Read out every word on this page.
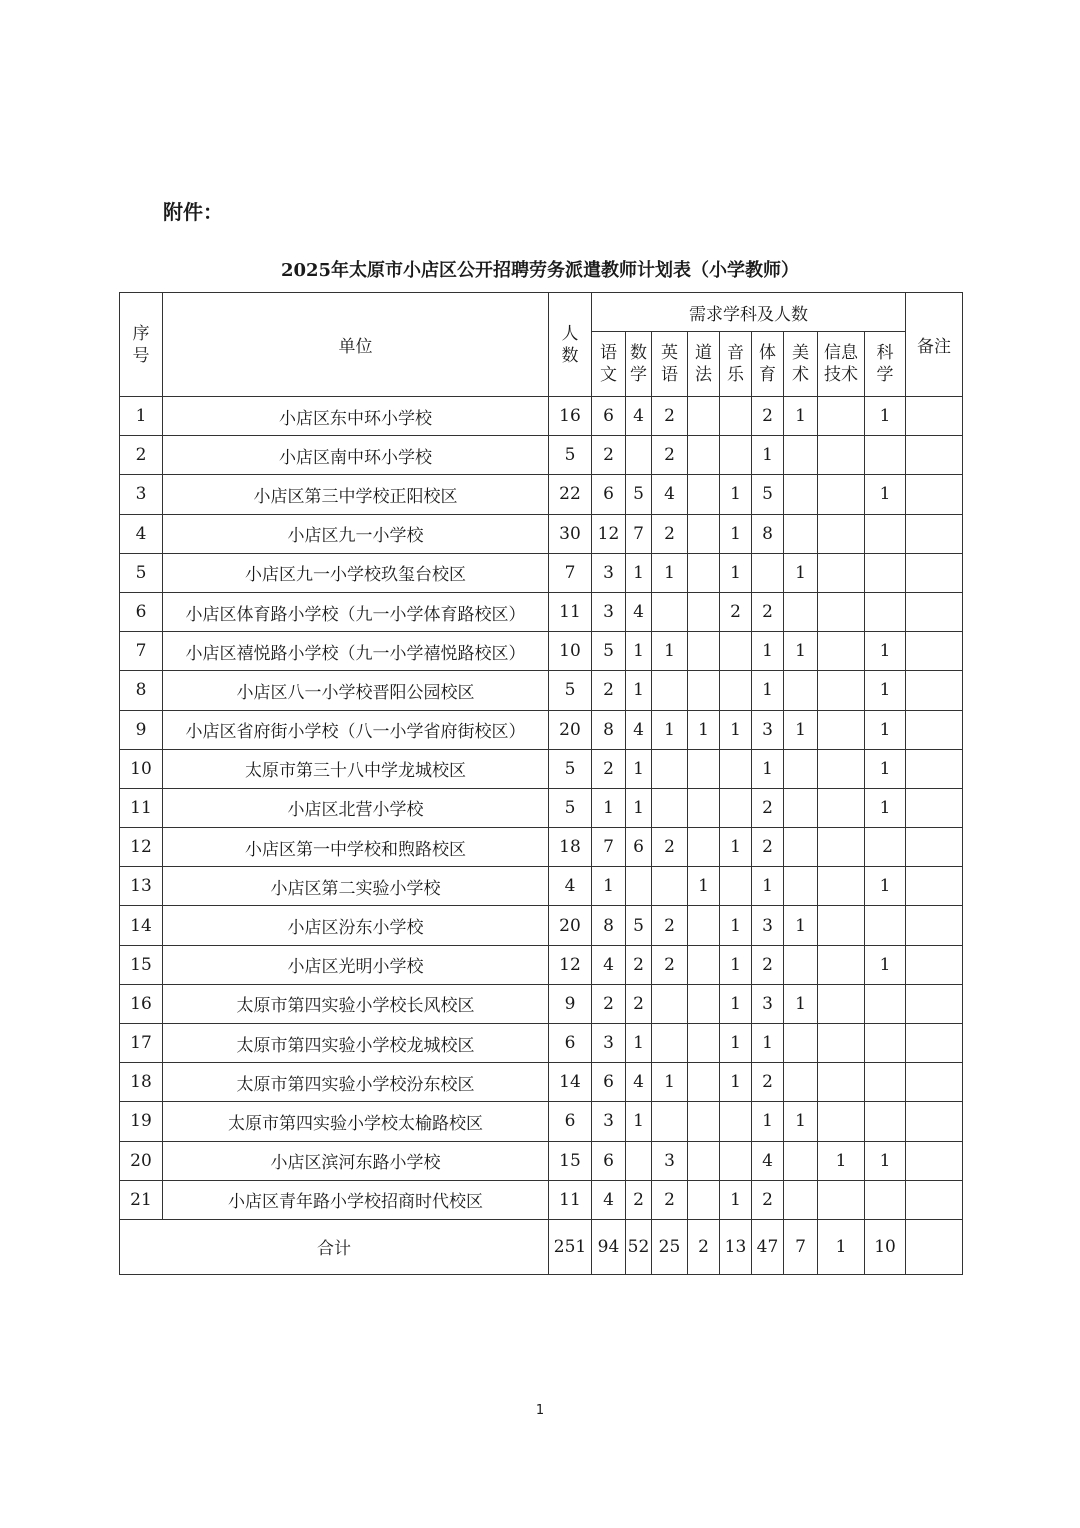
附件：
2025年太原市小店区公开招聘劳务派遣教师计划表（小学教师）
序号	单位	人数	需求学科及人数									备注
			语文	数学	英语	道法	音乐	体育	美术	信息技术	科学	
1	小店区东中环小学校	16	6	4	2			2	1		1	
2	小店区南中环小学校	5	2		2			1				
3	小店区第三中学校正阳校区	22	6	5	4		1	5			1	
4	小店区九一小学校	30	12	7	2		1	8				
5	小店区九一小学校玖玺台校区	7	3	1	1		1		1			
6	小店区体育路小学校（九一小学体育路校区）	11	3	4			2	2				
7	小店区禧悦路小学校（九一小学禧悦路校区）	10	5	1	1			1	1		1	
8	小店区八一小学校晋阳公园校区	5	2	1				1			1	
9	小店区省府街小学校（八一小学省府街校区）	20	8	4	1	1	1	3	1		1	
10	太原市第三十八中学龙城校区	5	2	1				1			1	
11	小店区北营小学校	5	1	1				2			1	
12	小店区第一中学校和煦路校区	18	7	6	2		1	2				
13	小店区第二实验小学校	4	1			1		1			1	
14	小店区汾东小学校	20	8	5	2		1	3	1			
15	小店区光明小学校	12	4	2	2		1	2			1	
16	太原市第四实验小学校长风校区	9	2	2			1	3	1			
17	太原市第四实验小学校龙城校区	6	3	1			1	1				
18	太原市第四实验小学校汾东校区	14	6	4	1		1	2				
19	太原市第四实验小学校太榆路校区	6	3	1				1	1			
20	小店区滨河东路小学校	15	6		3			4		1	1	
21	小店区青年路小学校招商时代校区	11	4	2	2		1	2				
合计		251	94	52	25	2	13	47	7	1	10	
1
